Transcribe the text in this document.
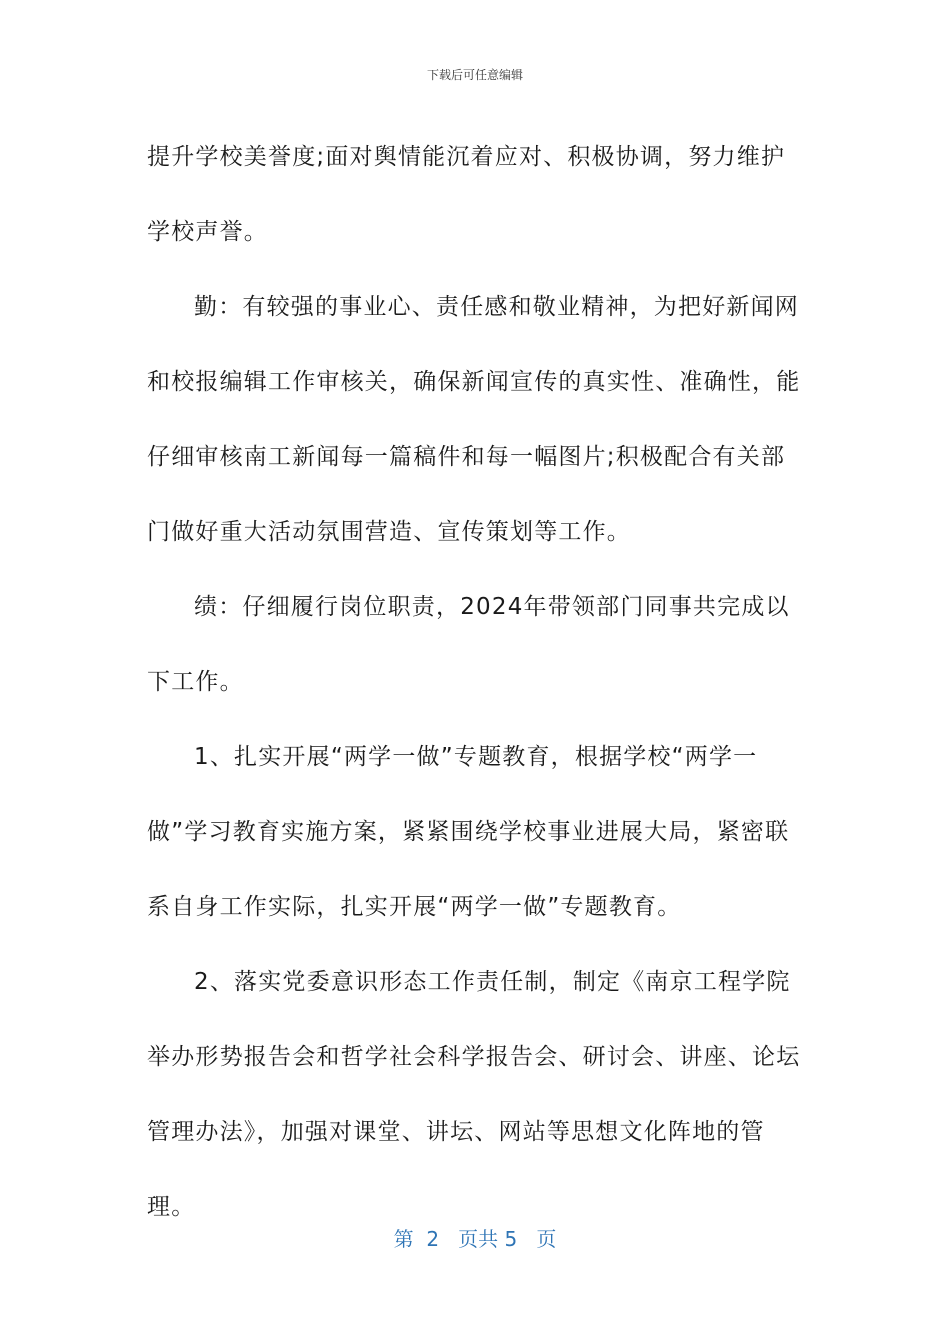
下载后可任意编辑

提升学校美誉度;面对舆情能沉着应对、积极协调，努力维护学校声誉。

勤：有较强的事业心、责任感和敬业精神，为把好新闻网和校报编辑工作审核关，确保新闻宣传的真实性、准确性，能仔细审核南工新闻每一篇稿件和每一幅图片;积极配合有关部门做好重大活动氛围营造、宣传策划等工作。

绩：仔细履行岗位职责，2024年带领部门同事共完成以下工作。

1、扎实开展“两学一做”专题教育，根据学校“两学一做”学习教育实施方案，紧紧围绕学校事业进展大局，紧密联系自身工作实际，扎实开展“两学一做”专题教育。

2、落实党委意识形态工作责任制，制定《南京工程学院举办形势报告会和哲学社会科学报告会、研讨会、讲座、论坛管理办法》，加强对课堂、讲坛、网站等思想文化阵地的管理。

第  2   页共 5   页
